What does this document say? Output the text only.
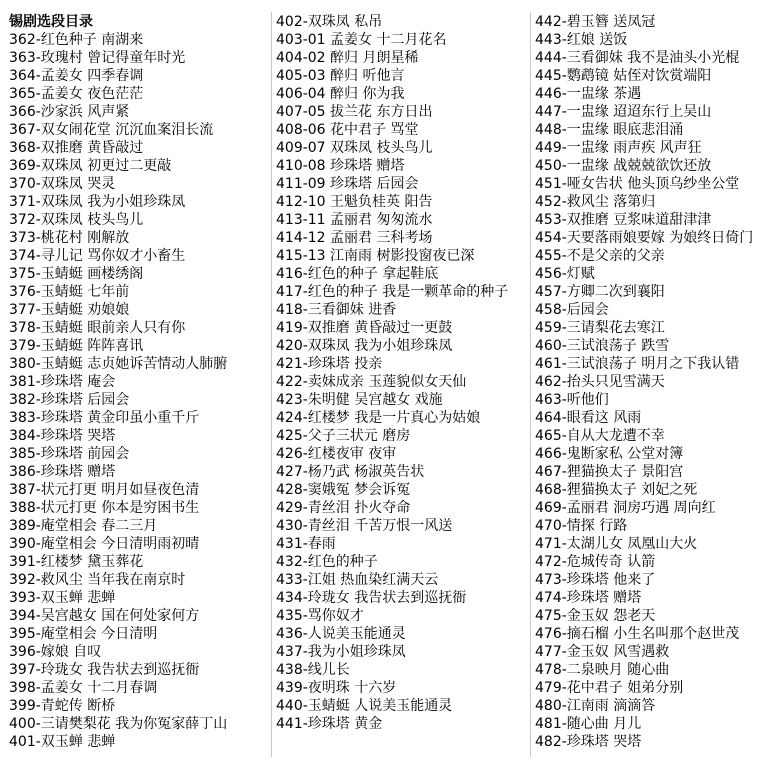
锡剧选段目录
362-红色种子 南湖来
363-玫瑰村 曾记得童年时光
364-孟姜女 四季春调
365-孟姜女 夜色茫茫
366-沙家浜 风声紧
367-双女闹花堂 沉沉血案泪长流
368-双推磨 黄昏敲过
369-双珠凤 初更过二更敲
370-双珠凤 哭灵
371-双珠凤 我为小姐珍珠凤
372-双珠凤 枝头鸟儿
373-桃花村 刚解放
374-寻儿记 骂你奴才小畜生
375-玉蜻蜓 画楼绣阁
376-玉蜻蜓 七年前
377-玉蜻蜓 劝娘娘
378-玉蜻蜓 眼前亲人只有你
379-玉蜻蜓 阵阵喜讯
380-玉蜻蜓 志贞她诉苦情动人肺腑
381-珍珠塔 庵会
382-珍珠塔 后园会
383-珍珠塔 黄金印虽小重千斤
384-珍珠塔 哭塔
385-珍珠塔 前园会
386-珍珠塔 赠塔
387-状元打更 明月如昼夜色清
388-状元打更 你本是穷困书生
389-庵堂相会 春二三月
390-庵堂相会 今日清明雨初晴
391-红楼梦 黛玉葬花
392-救风尘 当年我在南京时
393-双玉蝉 悲蝉
394-吴宫越女 国在何处家何方
395-庵堂相会 今日清明
396-嫁娘 自叹
397-玲珑女 我告状去到巡抚衙
398-孟姜女 十二月春调
399-青蛇传 断桥
400-三请樊梨花 我为你冤家薛丁山
401-双玉蝉 悲蝉
402-双珠凤 私吊
403-01 孟姜女 十二月花名
404-02 醉归 月朗星稀
405-03 醉归 听他言
406-04 醉归 你为我
407-05 拔兰花 东方日出
408-06 花中君子 骂堂
409-07 双珠凤 枝头鸟儿
410-08 珍珠塔 赠塔
411-09 珍珠塔 后园会
412-10 王魁负桂英 阳告
413-11 孟丽君 匆匆流水
414-12 孟丽君 三科考场
415-13 江南雨 树影投窗夜已深
416-红色的种子 拿起鞋底
417-红色的种子 我是一颗革命的种子
418-三看御妹 进香
419-双推磨 黄昏敲过一更鼓
420-双珠凤 我为小姐珍珠凤
421-珍珠塔 投亲
422-卖妹成亲 玉莲貌似女天仙
423-朱明健 吴宫越女 戏施
424-红楼梦 我是一片真心为姑娘
425-父子三状元 磨房
426-红楼夜审 夜审
427-杨乃武 杨淑英告状
428-窦娥冤 梦会诉冤
429-青丝泪 扑火夺命
430-青丝泪 千苦万恨一风送
431-春雨
432-红色的种子
433-江姐 热血染红满天云
434-玲珑女 我告状去到巡抚衙
435-骂你奴才
436-人说美玉能通灵
437-我为小姐珍珠凤
438-线儿长
439-夜明珠 十六岁
440-玉蜻蜓 人说美玉能通灵
441-珍珠塔 黄金
442-碧玉簪 送凤冠
443-红娘 送饭
444-三看御妹 我不是油头小光棍
445-鹦鹉镜 姑侄对饮赏端阳
446-一盅缘 茶遇
447-一盅缘 迢迢东行上吴山
448-一盅缘 眼底悲泪涌
449-一盅缘 雨声疾 风声狂
450-一盅缘 战兢兢欲饮还放
451-哑女告状 他头顶乌纱坐公堂
452-救风尘 落第归
453-双推磨 豆浆味道甜津津
454-天要落雨娘要嫁 为娘终日倚门
455-不是父亲的父亲
456-灯赋
457-方卿二次到襄阳
458-后园会
459-三请梨花去寒江
460-三试浪荡子 跌雪
461-三试浪荡子 明月之下我认错
462-抬头只见雪满天
463-听他们
464-眼看这 风雨
465-自从大龙遭不幸
466-鬼断家私 公堂对簿
467-狸猫换太子 景阳宫
468-狸猫换太子 刘妃之死
469-孟丽君 洞房巧遇 周向红
470-情探 行路
471-太湖儿女 凤凰山大火
472-危城传奇 认箭
473-珍珠塔 他来了
474-珍珠塔 赠塔
475-金玉奴 怨老天
476-摘石榴 小生名叫那个赵世茂
477-金玉奴 风雪遇救
478-二泉映月 随心曲
479-花中君子 姐弟分别
480-江南雨 滴滴答
481-随心曲 月儿
482-珍珠塔 哭塔
